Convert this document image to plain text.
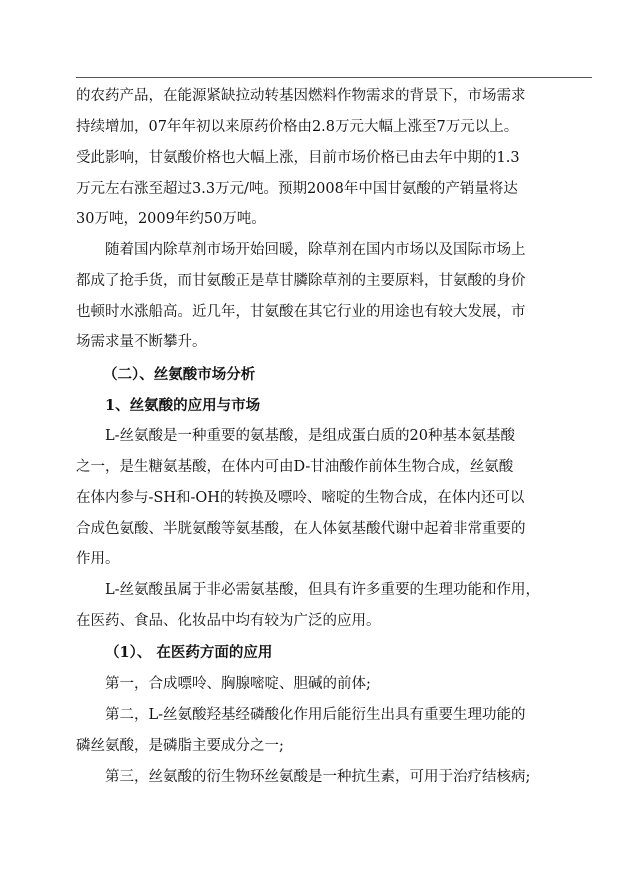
的农药产品，在能源紧缺拉动转基因燃料作物需求的背景下，市场需求
持续增加，07年年初以来原药价格由2.8万元大幅上涨至7万元以上。
受此影响，甘氨酸价格也大幅上涨，目前市场价格已由去年中期的1.3
万元左右涨至超过3.3万元/吨。预期2008年中国甘氨酸的产销量将达
30万吨，2009年约50万吨。
随着国内除草剂市场开始回暖，除草剂在国内市场以及国际市场上
都成了抢手货，而甘氨酸正是草甘膦除草剂的主要原料，甘氨酸的身价
也顿时水涨船高。近几年，甘氨酸在其它行业的用途也有较大发展，市
场需求量不断攀升。
（二）、丝氨酸市场分析
1、丝氨酸的应用与市场
L-丝氨酸是一种重要的氨基酸，是组成蛋白质的20种基本氨基酸
之一，是生糖氨基酸，在体内可由D-甘油酸作前体生物合成，丝氨酸
在体内参与-SH和-OH的转换及嘌呤、嘧啶的生物合成，在体内还可以
合成色氨酸、半胱氨酸等氨基酸，在人体氨基酸代谢中起着非常重要的
作用。
L-丝氨酸虽属于非必需氨基酸，但具有许多重要的生理功能和作用，
在医药、食品、化妆品中均有较为广泛的应用。
（1）、 在医药方面的应用
第一，合成嘌呤、胸腺嘧啶、胆碱的前体;
第二，L-丝氨酸羟基经磷酸化作用后能衍生出具有重要生理功能的
磷丝氨酸，是磷脂主要成分之一;
第三，丝氨酸的衍生物环丝氨酸是一种抗生素，可用于治疗结核病;
